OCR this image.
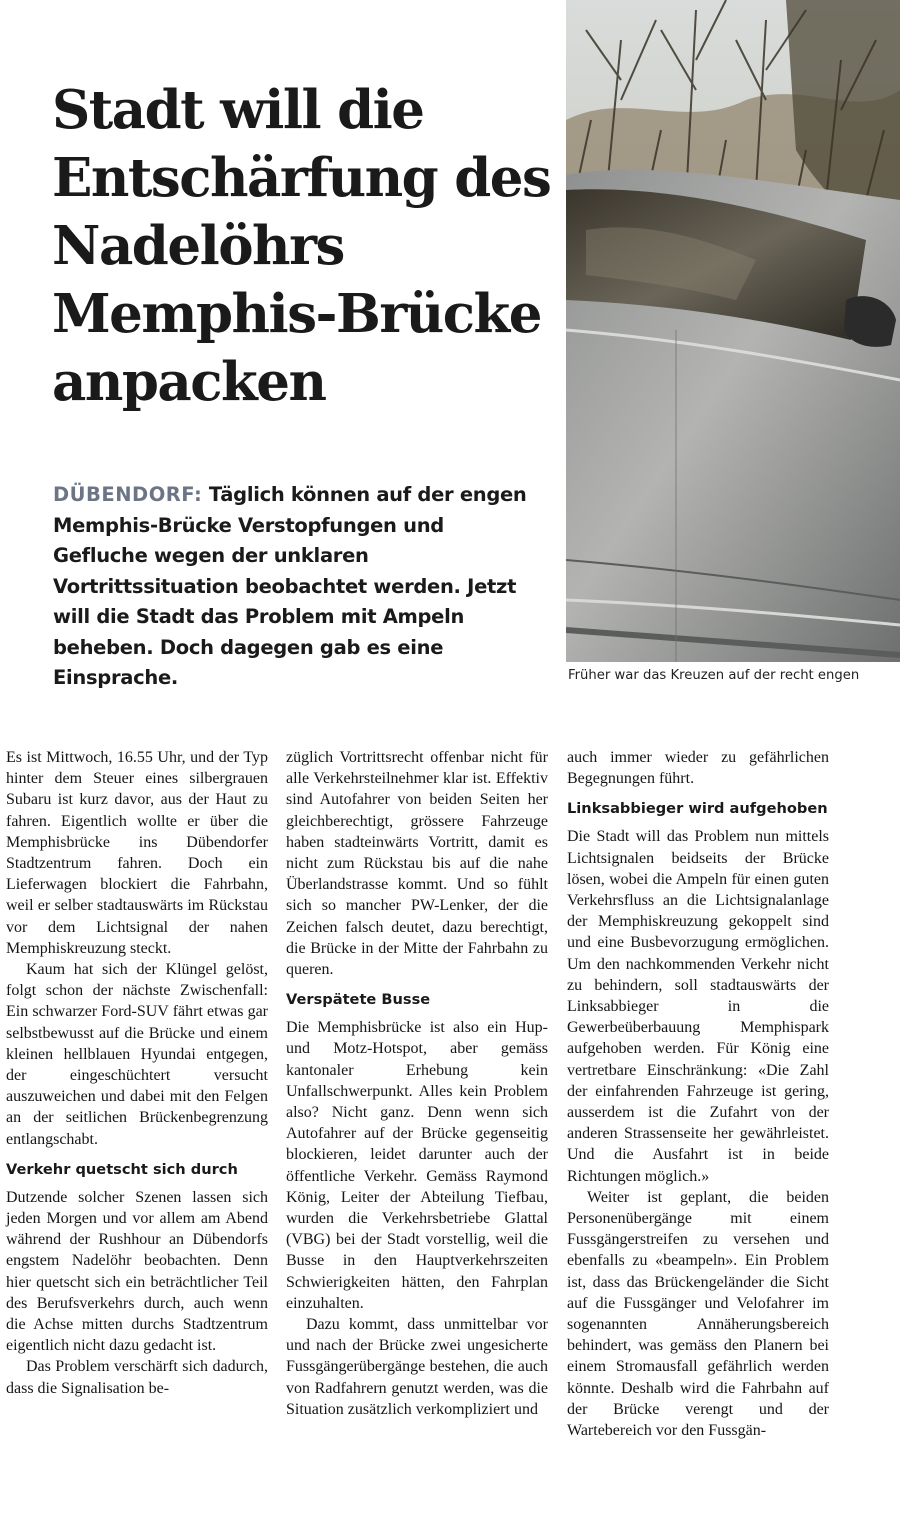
Stadt will die Entschärfung des Nadelöhrs Memphis-Brücke anpacken
DÜBENDORF: Täglich können auf der engen Memphis-Brücke Verstopfungen und Gefluche wegen der unklaren Vortrittssituation beobachtet werden. Jetzt will die Stadt das Problem mit Ampeln beheben. Doch dagegen gab es eine Einsprache.	Früher war das Kreuzen auf der recht engen

Es ist Mittwoch, 16.55 Uhr, und der Typ hinter dem Steuer eines silbergrauen Subaru ist kurz davor, aus der Haut zu fahren. Eigentlich wollte er über die Memphisbrücke ins Dübendorfer Stadtzentrum fahren. Doch ein Lieferwagen blockiert die Fahrbahn, weil er selber stadtauswärts im Rückstau vor dem Lichtsignal der nahen Memphiskreuzung steckt.

Kaum hat sich der Klüngel gelöst, folgt schon der nächste Zwischenfall: Ein schwarzer Ford-SUV fährt etwas gar selbstbewusst auf die Brücke und einem kleinen hellblauen Hyundai entgegen, der eingeschüchtert versucht auszuweichen und dabei mit den Felgen an der seitlichen Brückenbegrenzung entlangschabt.

Verkehr quetscht sich durch

Dutzende solcher Szenen lassen sich jeden Morgen und vor allem am Abend während der Rushhour an Dübendorfs engstem Nadelöhr beobachten. Denn hier quetscht sich ein beträchtlicher Teil des Berufsverkehrs durch, auch wenn die Achse mitten durchs Stadtzentrum eigentlich nicht dazu gedacht ist.

Das Problem verschärft sich dadurch, dass die Signalisation be-

züglich Vortrittsrecht offenbar nicht für alle Verkehrsteilnehmer klar ist. Effektiv sind Autofahrer von beiden Seiten her gleichberechtigt, grössere Fahrzeuge haben stadteinwärts Vortritt, damit es nicht zum Rückstau bis auf die nahe Überlandstrasse kommt. Und so fühlt sich so mancher PW-Lenker, der die Zeichen falsch deutet, dazu berechtigt, die Brücke in der Mitte der Fahrbahn zu queren.

Verspätete Busse

Die Memphisbrücke ist also ein Hup- und Motz-Hotspot, aber gemäss kantonaler Erhebung kein Unfallschwerpunkt. Alles kein Problem also? Nicht ganz. Denn wenn sich Autofahrer auf der Brücke gegenseitig blockieren, leidet darunter auch der öffentliche Verkehr. Gemäss Raymond König, Leiter der Abteilung Tiefbau, wurden die Verkehrsbetriebe Glattal (VBG) bei der Stadt vorstellig, weil die Busse in den Hauptverkehrszeiten Schwierigkeiten hätten, den Fahrplan einzuhalten.

Dazu kommt, dass unmittelbar vor und nach der Brücke zwei ungesicherte Fussgängerübergänge bestehen, die auch von Radfahrern genutzt werden, was die Situation zusätzlich verkompliziert und

auch immer wieder zu gefährlichen Begegnungen führt.

Linksabbieger wird aufgehoben

Die Stadt will das Problem nun mittels Lichtsignalen beidseits der Brücke lösen, wobei die Ampeln für einen guten Verkehrsfluss an die Lichtsignalanlage der Memphiskreuzung gekoppelt sind und eine Busbevorzugung ermöglichen. Um den nachkommenden Verkehr nicht zu behindern, soll stadtauswärts der Linksabbieger in die Gewerbeüberbauung Memphispark aufgehoben werden. Für König eine vertretbare Einschränkung: «Die Zahl der einfahrenden Fahrzeuge ist gering, ausserdem ist die Zufahrt von der anderen Strassenseite her gewährleistet. Und die Ausfahrt ist in beide Richtungen möglich.»

Weiter ist geplant, die beiden Personenübergänge mit einem Fussgängerstreifen zu versehen und ebenfalls zu «beampeln». Ein Problem ist, dass das Brückengeländer die Sicht auf die Fussgänger und Velofahrer im sogenannten Annäherungsbereich behindert, was gemäss den Planern bei einem Stromausfall gefährlich werden könnte. Deshalb wird die Fahrbahn auf der Brücke verengt und der Wartebereich vor den Fussgän-
